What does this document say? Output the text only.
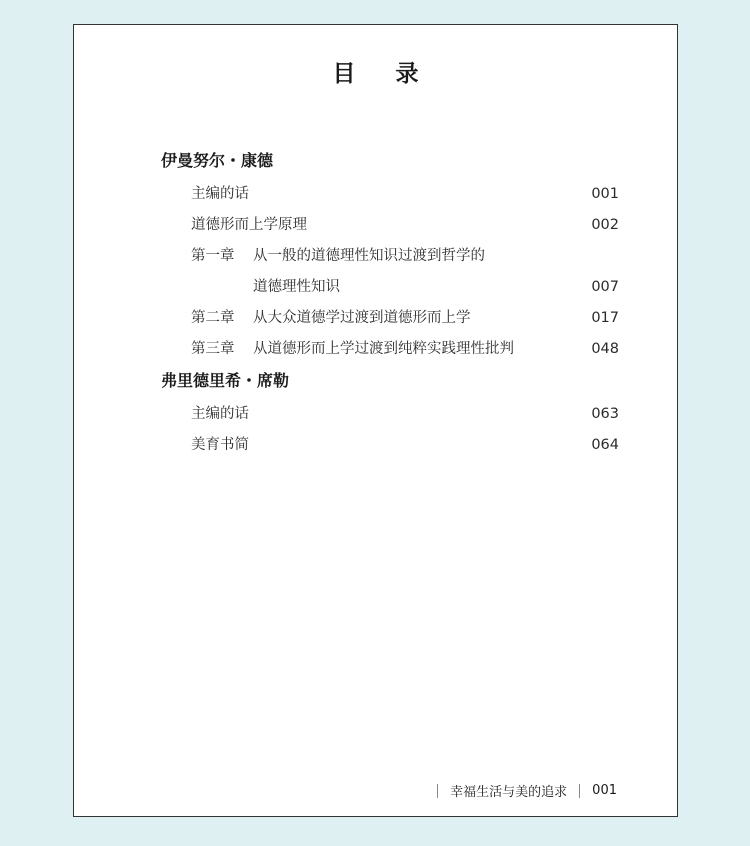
目 录
伊曼努尔・康德
主编的话	001
道德形而上学原理	002
第一章 从一般的道德理性知识过渡到哲学的
道德理性知识	007
第二章 从大众道德学过渡到道德形而上学	017
第三章 从道德形而上学过渡到纯粹实践理性批判	048
弗里德里希・席勒
主编的话	063
美育书简	064
幸福生活与美的追求 001
